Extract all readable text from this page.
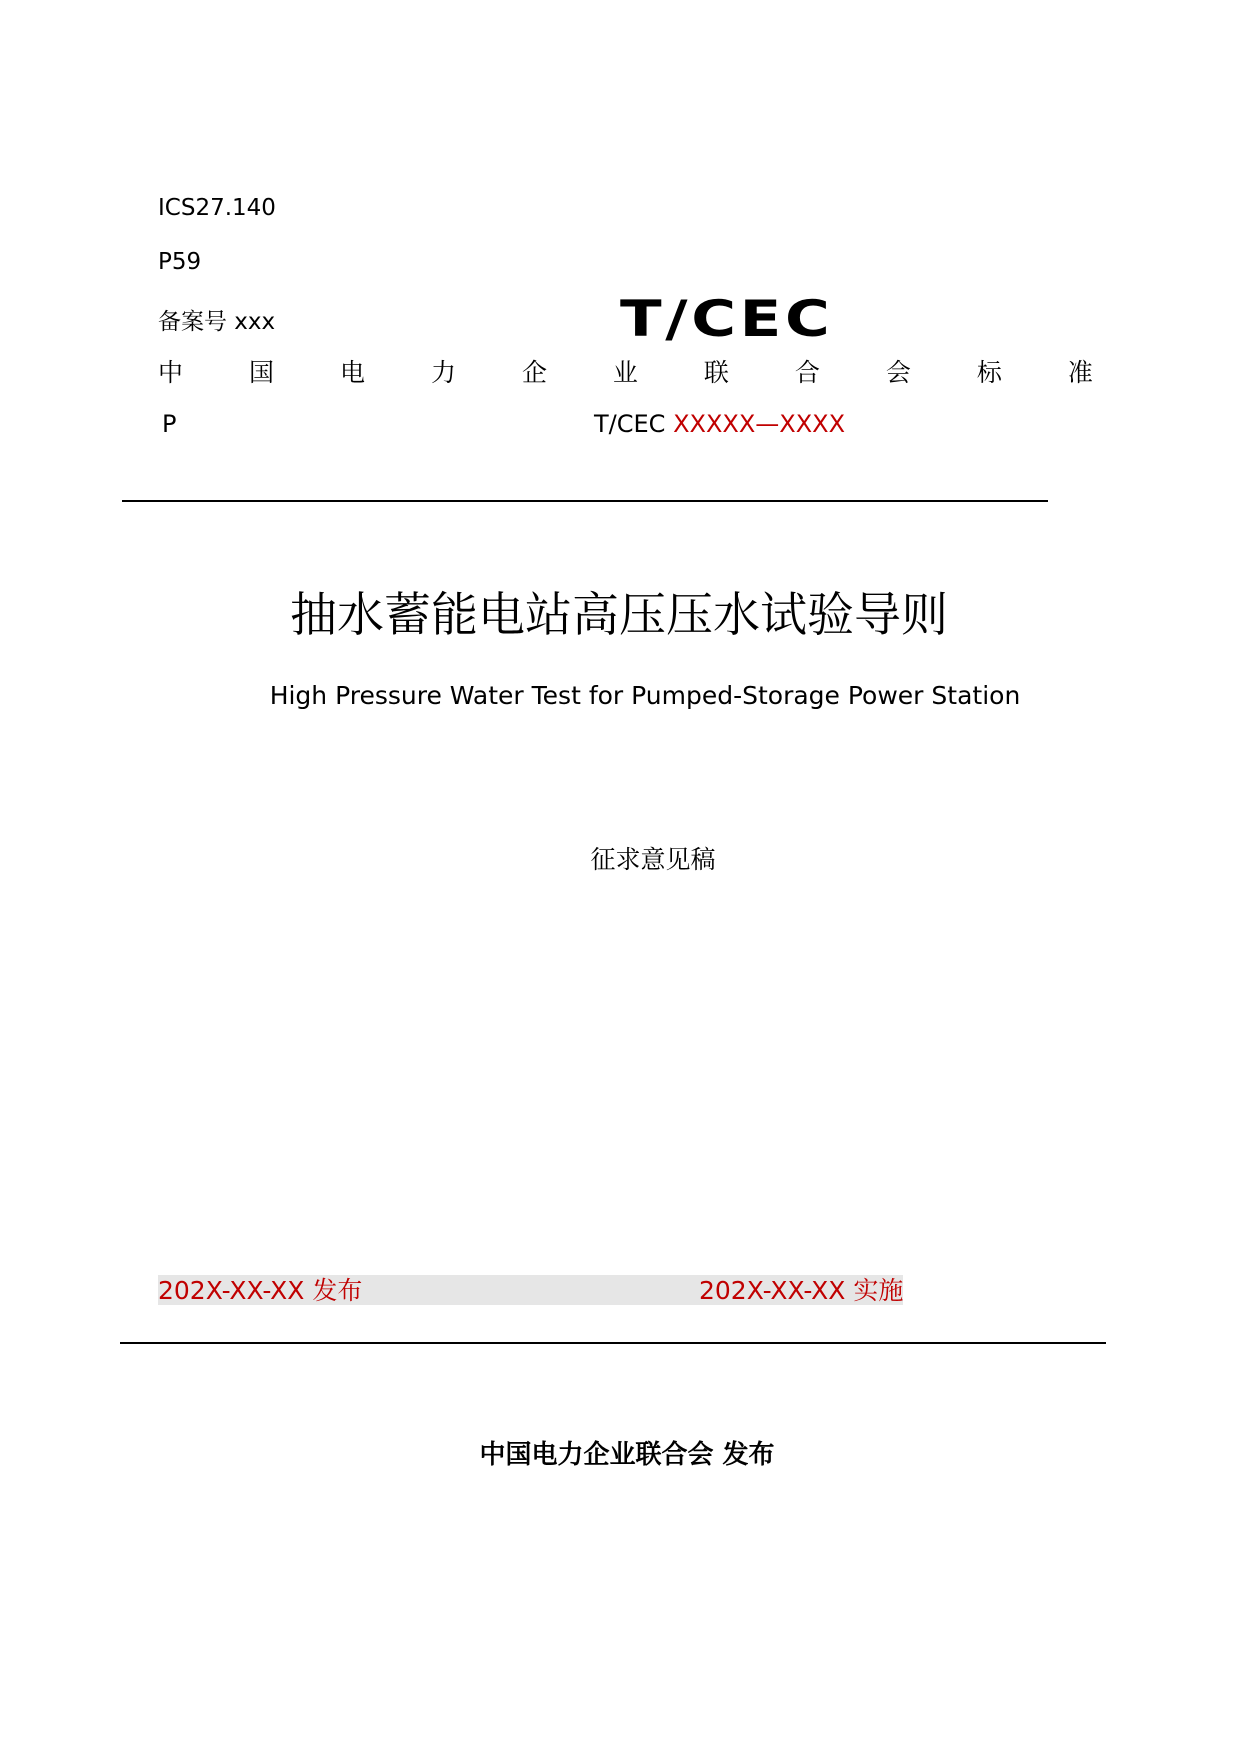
ICS27.140
P59
备案号 xxx	T/CEC
中	国	电	力	企	业	联	合	会	标	准
P	T/CEC XXXXX—XXXX
抽水蓄能电站高压压水试验导则
High Pressure Water Test for Pumped-Storage Power Station
征求意见稿
202X-XX-XX 发布	202X-XX-XX 实施
中国电力企业联合会 发布
